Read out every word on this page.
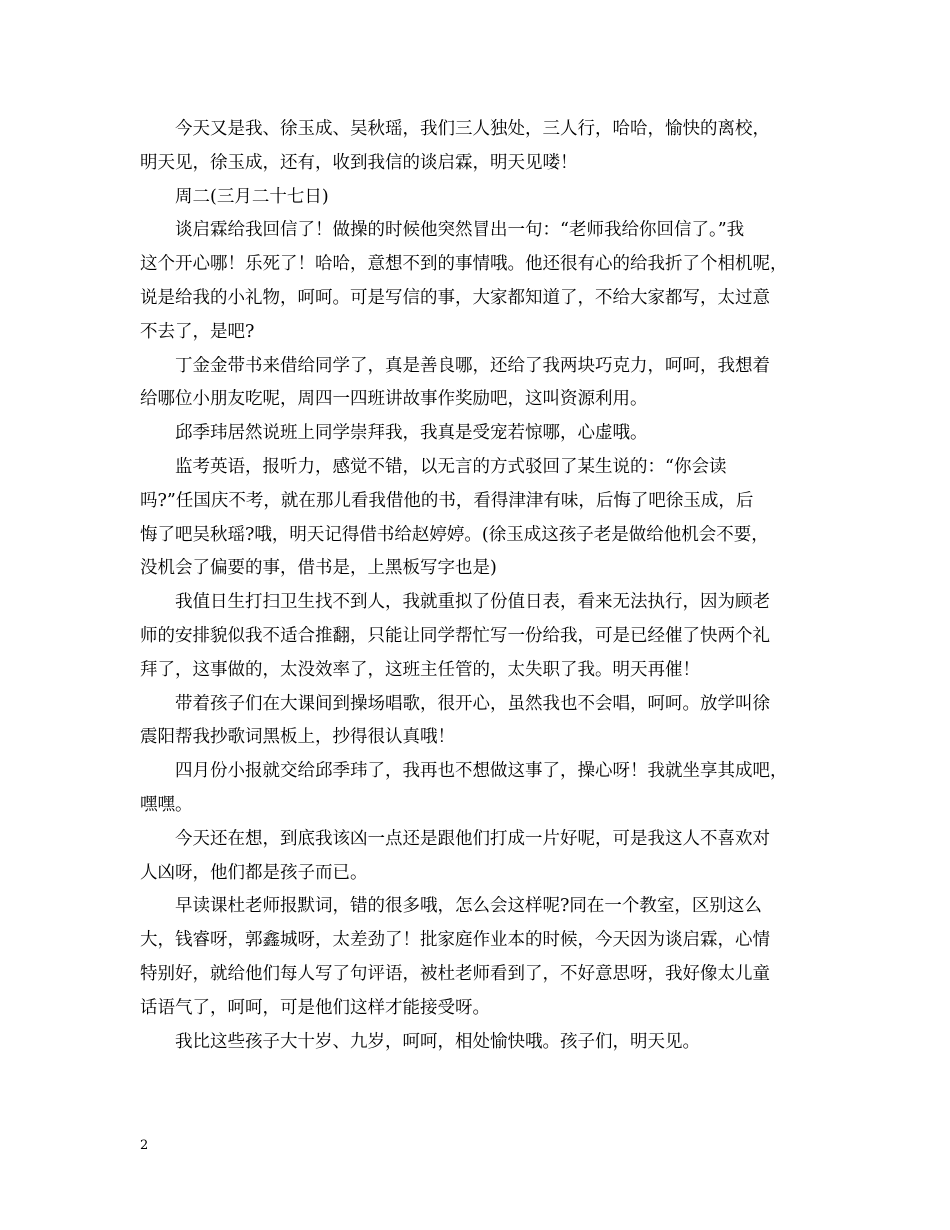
今天又是我、徐玉成、吴秋瑶，我们三人独处，三人行，哈哈，愉快的离校，
明天见，徐玉成，还有，收到我信的谈启霖，明天见喽！
周二(三月二十七日)
谈启霖给我回信了！做操的时候他突然冒出一句：“老师我给你回信了。”我
这个开心哪！乐死了！哈哈，意想不到的事情哦。他还很有心的给我折了个相机呢，
说是给我的小礼物，呵呵。可是写信的事，大家都知道了，不给大家都写，太过意
不去了，是吧?
丁金金带书来借给同学了，真是善良哪，还给了我两块巧克力，呵呵，我想着
给哪位小朋友吃呢，周四一四班讲故事作奖励吧，这叫资源利用。
邱季玮居然说班上同学崇拜我，我真是受宠若惊哪，心虚哦。
监考英语，报听力，感觉不错，以无言的方式驳回了某生说的：“你会读
吗?”任国庆不考，就在那儿看我借他的书，看得津津有味，后悔了吧徐玉成，后
悔了吧吴秋瑶?哦，明天记得借书给赵婷婷。(徐玉成这孩子老是做给他机会不要，
没机会了偏要的事，借书是，上黑板写字也是)
我值日生打扫卫生找不到人，我就重拟了份值日表，看来无法执行，因为顾老
师的安排貌似我不适合推翻，只能让同学帮忙写一份给我，可是已经催了快两个礼
拜了，这事做的，太没效率了，这班主任管的，太失职了我。明天再催！
带着孩子们在大课间到操场唱歌，很开心，虽然我也不会唱，呵呵。放学叫徐
震阳帮我抄歌词黑板上，抄得很认真哦！
四月份小报就交给邱季玮了，我再也不想做这事了，操心呀！我就坐享其成吧，
嘿嘿。
今天还在想，到底我该凶一点还是跟他们打成一片好呢，可是我这人不喜欢对
人凶呀，他们都是孩子而已。
早读课杜老师报默词，错的很多哦，怎么会这样呢?同在一个教室，区别这么
大，钱睿呀，郭鑫城呀，太差劲了！批家庭作业本的时候，今天因为谈启霖，心情
特别好，就给他们每人写了句评语，被杜老师看到了，不好意思呀，我好像太儿童
话语气了，呵呵，可是他们这样才能接受呀。
我比这些孩子大十岁、九岁，呵呵，相处愉快哦。孩子们，明天见。
2
